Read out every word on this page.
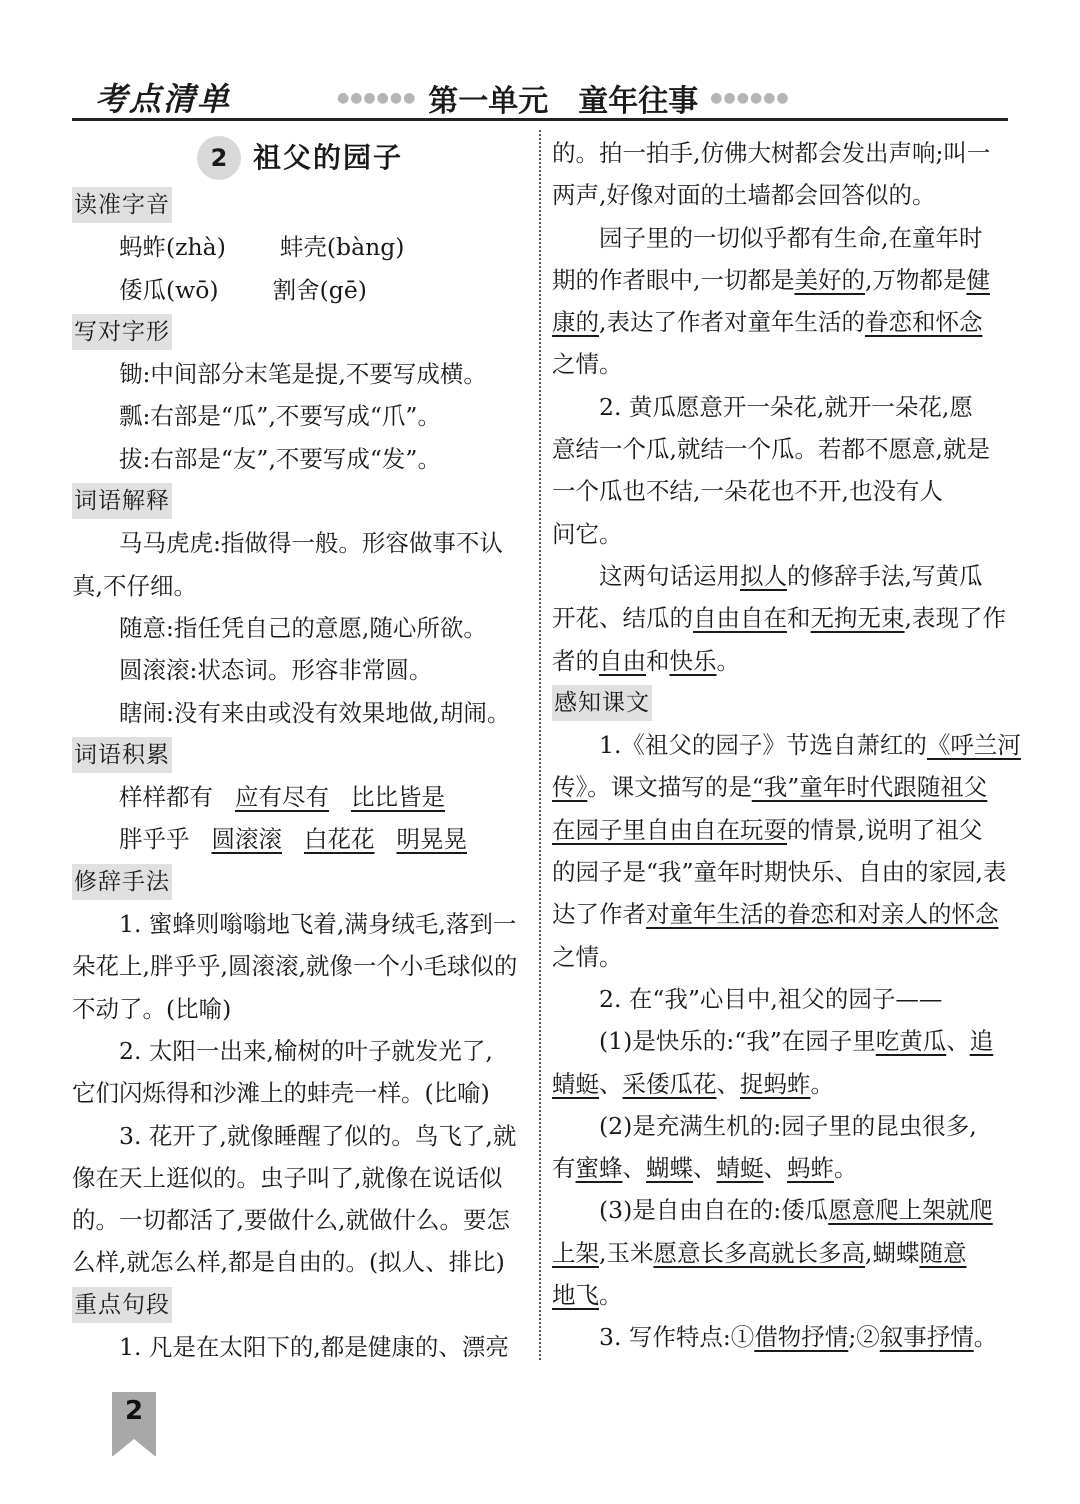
考点清单	●●●●●● 第一单元 童年往事 ●●●●●●
2 祖父的园子
读准字音
蚂蚱(zhà) 蚌壳(bàng) 倭瓜(wō) 割舍(gē)
写对字形
锄:中间部分末笔是提,不要写成横。
瓢:右部是“瓜”,不要写成“爪”。
拔:右部是“友”,不要写成“发”。
词语解释
马马虎虎:指做得一般。形容做事不认
真,不仔细。
随意:指任凭自己的意愿,随心所欲。
圆滚滚:状态词。形容非常圆。
瞎闹:没有来由或没有效果地做,胡闹。
词语积累
样样都有 应有尽有 比比皆是
胖乎乎 圆滚滚 白花花 明晃晃
修辞手法
1. 蜜蜂则嗡嗡地飞着,满身绒毛,落到一
朵花上,胖乎乎,圆滚滚,就像一个小毛球似的
不动了。(比喻)
2. 太阳一出来,榆树的叶子就发光了,
它们闪烁得和沙滩上的蚌壳一样。(比喻)
3. 花开了,就像睡醒了似的。鸟飞了,就
像在天上逛似的。虫子叫了,就像在说话似
的。一切都活了,要做什么,就做什么。要怎
么样,就怎么样,都是自由的。(拟人、排比)
重点句段
1. 凡是在太阳下的,都是健康的、漂亮
的。拍一拍手,仿佛大树都会发出声响;叫一
两声,好像对面的土墙都会回答似的。
园子里的一切似乎都有生命,在童年时
期的作者眼中,一切都是美好的,万物都是健
康的,表达了作者对童年生活的眷恋和怀念
之情。
2. 黄瓜愿意开一朵花,就开一朵花,愿
意结一个瓜,就结一个瓜。若都不愿意,就是
一个瓜也不结,一朵花也不开,也没有人
问它。
这两句话运用拟人的修辞手法,写黄瓜
开花、结瓜的自由自在和无拘无束,表现了作
者的自由和快乐。
感知课文
1.《祖父的园子》节选自萧红的《呼兰河
传》。课文描写的是“我”童年时代跟随祖父
在园子里自由自在玩耍的情景,说明了祖父
的园子是“我”童年时期快乐、自由的家园,表
达了作者对童年生活的眷恋和对亲人的怀念
之情。
2. 在“我”心目中,祖父的园子——
(1)是快乐的:“我”在园子里吃黄瓜、追
蜻蜓、采倭瓜花、捉蚂蚱。
(2)是充满生机的:园子里的昆虫很多,
有蜜蜂、蝴蝶、蜻蜓、蚂蚱。
(3)是自由自在的:倭瓜愿意爬上架就爬
上架,玉米愿意长多高就长多高,蝴蝶随意
地飞。
3. 写作特点:①借物抒情;②叙事抒情。
2
